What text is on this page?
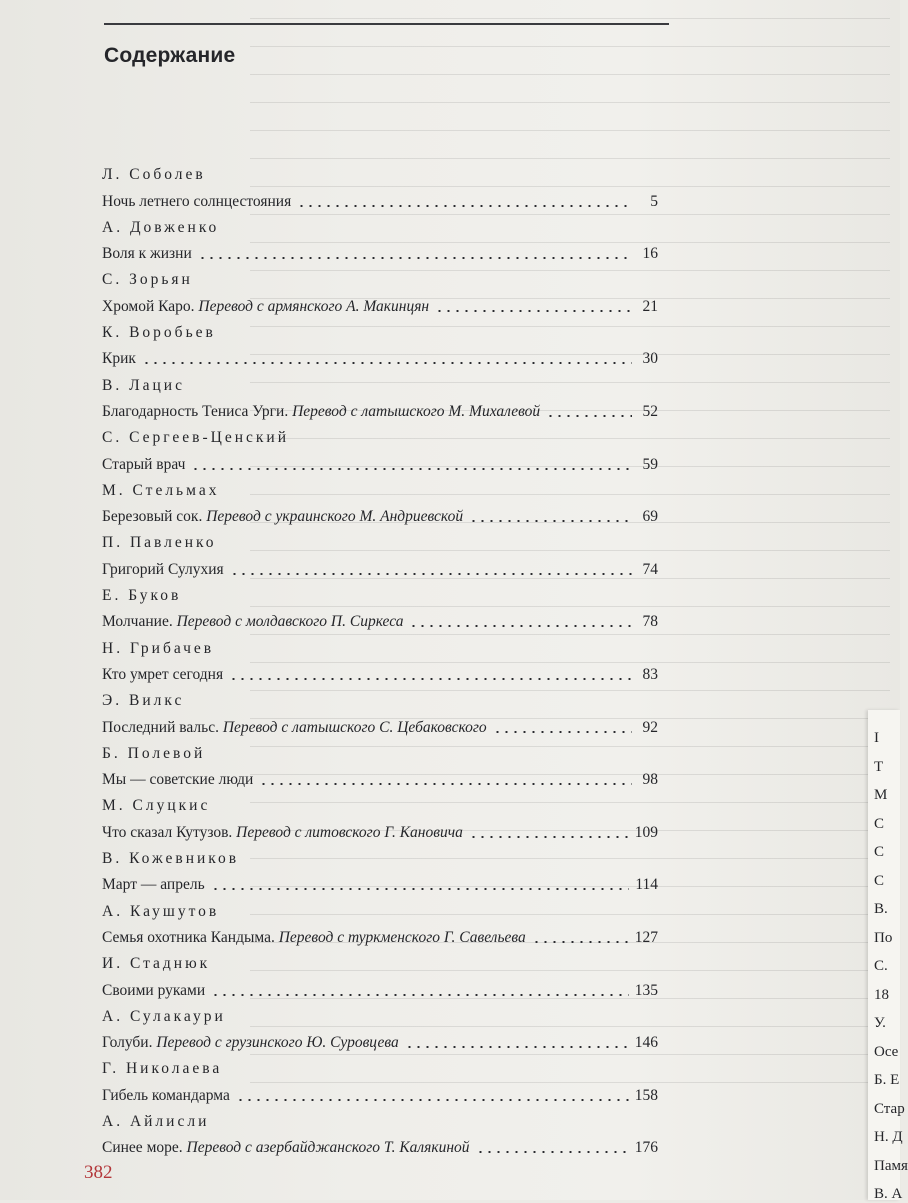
Содержание
Л. Соболев
Ночь летнего солнцестояния	5
А. Довженко
Воля к жизни	16
С. Зорьян
Хромой Каро. Перевод с армянского А. Макинцян	21
К. Воробьев
Крик	30
В. Лацис
Благодарность Тениса Урги. Перевод с латышского М. Михалевой	52
С. Сергеев-Ценский
Старый врач	59
М. Стельмах
Березовый сок. Перевод с украинского М. Андриевской	69
П. Павленко
Григорий Сулухия	74
Е. Буков
Молчание. Перевод с молдавского П. Сиркеса	78
Н. Грибачев
Кто умрет сегодня	83
Э. Вилкс
Последний вальс. Перевод с латышского С. Цебаковского	92
Б. Полевой
Мы — советские люди	98
М. Слуцкис
Что сказал Кутузов. Перевод с литовского Г. Кановича	109
В. Кожевников
Март — апрель	114
А. Каушутов
Семья охотника Кандыма. Перевод с туркменского Г. Савельева	127
И. Стаднюк
Своими руками	135
А. Сулакаури
Голуби. Перевод с грузинского Ю. Суровцева	146
Г. Николаева
Гибель командарма	158
А. Айлисли
Синее море. Перевод с азербайджанского Т. Калякиной	176
382
І
Т
М
С
С
С
В.
По
С.
18
У.
Осе
Б. Е
Стар
Н. Д
Памя
В. А
